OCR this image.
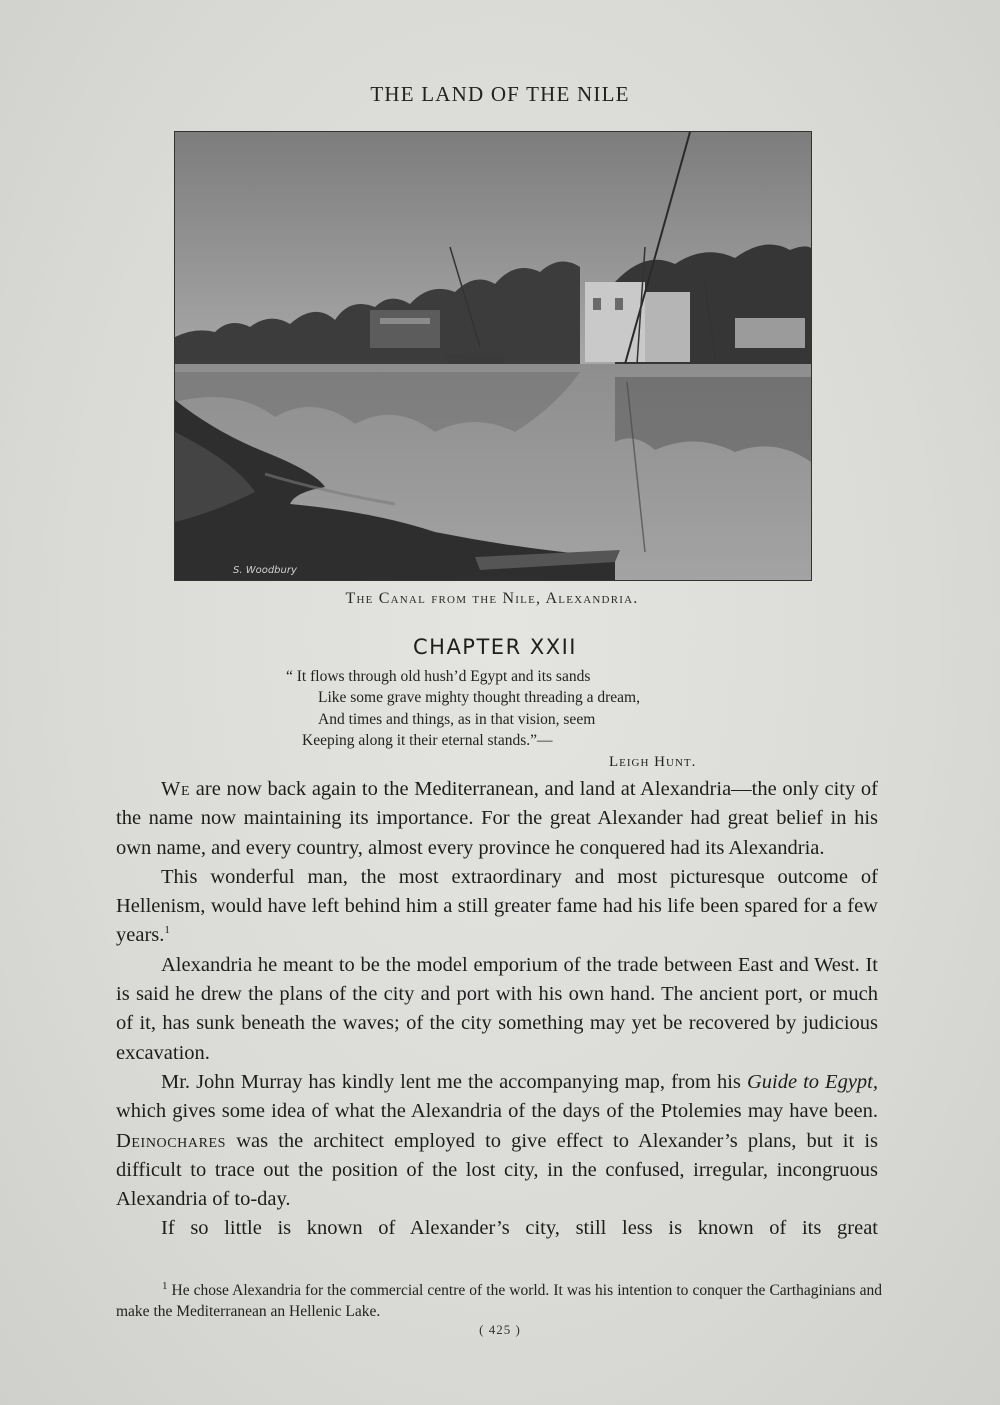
THE LAND OF THE NILE
S. Woodbury
The Canal from the Nile, Alexandria.
CHAPTER XXII
“ It flows through old hush’d Egypt and its sands
Like some grave mighty thought threading a dream,
And times and things, as in that vision, seem
Keeping along it their eternal stands.”—
Leigh Hunt.

We are now back again to the Mediterranean, and land at Alexandria—the only city of the name now maintaining its importance. For the great Alexander had great belief in his own name, and every country, almost every province he conquered had its Alexandria.

This wonderful man, the most extraordinary and most picturesque outcome of Hellenism, would have left behind him a still greater fame had his life been spared for a few years.$^1$

Alexandria he meant to be the model emporium of the trade between East and West. It is said he drew the plans of the city and port with his own hand. The ancient port, or much of it, has sunk beneath the waves; of the city something may yet be recovered by judicious excavation.

Mr. John Murray has kindly lent me the accompanying map, from his Guide to Egypt, which gives some idea of what the Alexandria of the days of the Ptolemies may have been. Deinochares was the architect employed to give effect to Alexander’s plans, but it is difficult to trace out the position of the lost city, in the confused, irregular, incongruous Alexandria of to-day.

If so little is known of Alexander’s city, still less is known of its great

$^1$ He chose Alexandria for the commercial centre of the world. It was his intention to conquer the Carthaginians and make the Mediterranean an Hellenic Lake.
( 425 )
